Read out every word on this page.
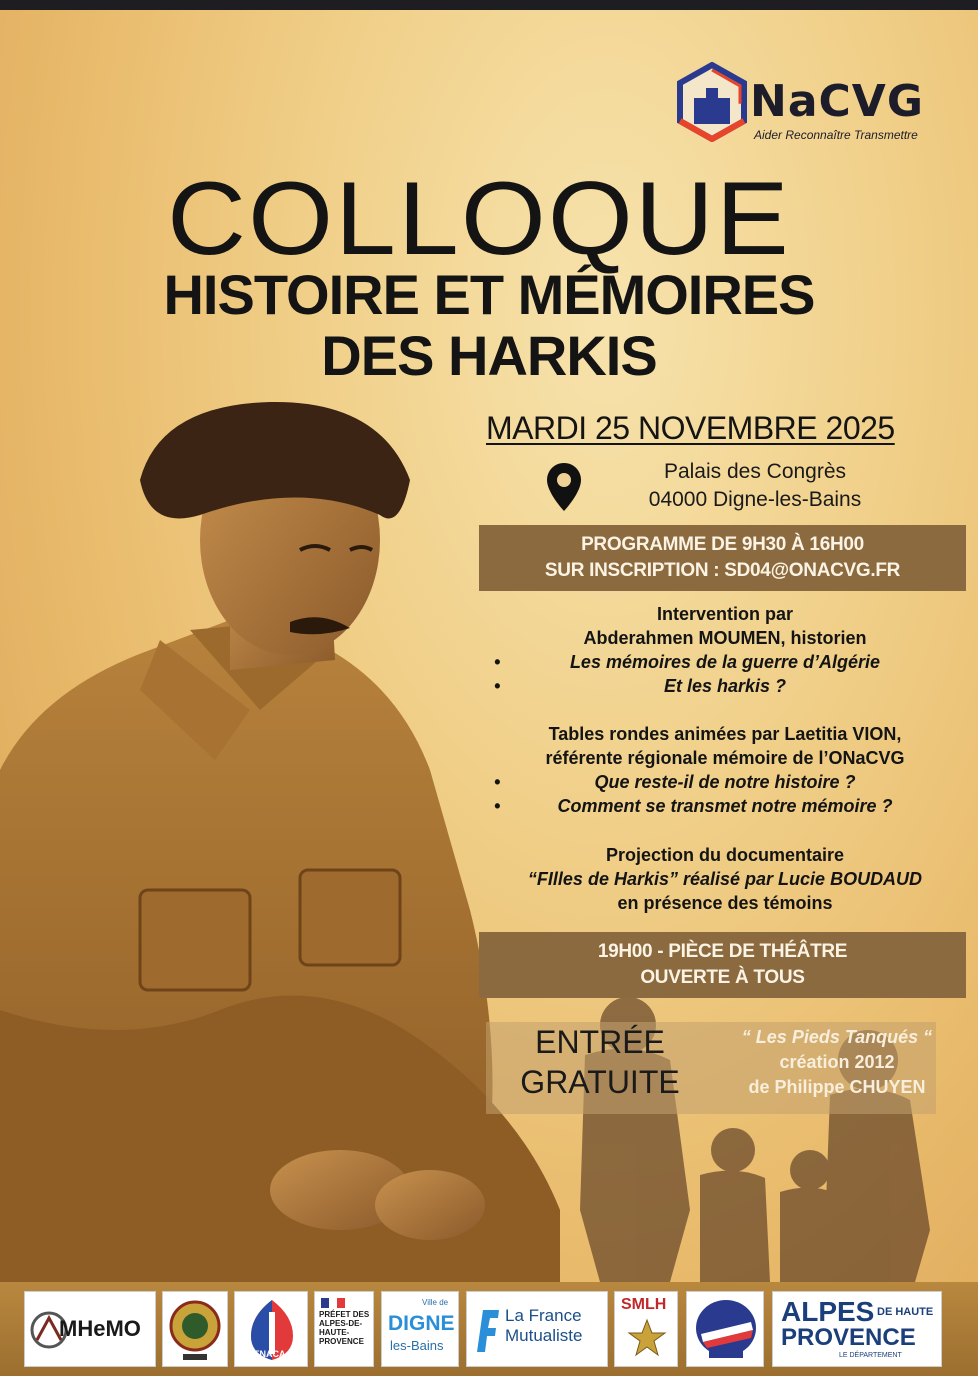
NaCVG
Aider Reconnaître Transmettre
COLLOQUE
HISTOIRE ET MÉMOIRES
DES HARKIS
MARDI 25 NOVEMBRE 2025
Palais des Congrès
04000 Digne-les-Bains
PROGRAMME DE 9H30 À 16H00
SUR INSCRIPTION : SD04@ONACVG.FR
Intervention par
Abderahmen MOUMEN, historien
•	Les mémoires de la guerre d’Algérie
•	Et les harkis ?
Tables rondes animées par Laetitia VION,
référente régionale mémoire de l’ONaCVG
•	Que reste-il de notre histoire ?
•	Comment se transmet notre mémoire ?
Projection du documentaire
“FIlles de Harkis” réalisé par Lucie BOUDAUD
en présence des témoins
19H00 - PIÈCE DE THÉÂTRE
OUVERTE À TOUS
ENTRÉE
GRATUITE
“ Les Pieds Tanqués “
création 2012
de Philippe CHUYEN
MHeMO
FNACA
PRÉFET DES ALPES-DE-HAUTE-PROVENCE
Ville de
DIGNE
les-Bains
La France
Mutualiste
SMLH	ALPES DE HAUTE
PROVENCE
LE DÉPARTEMENT
